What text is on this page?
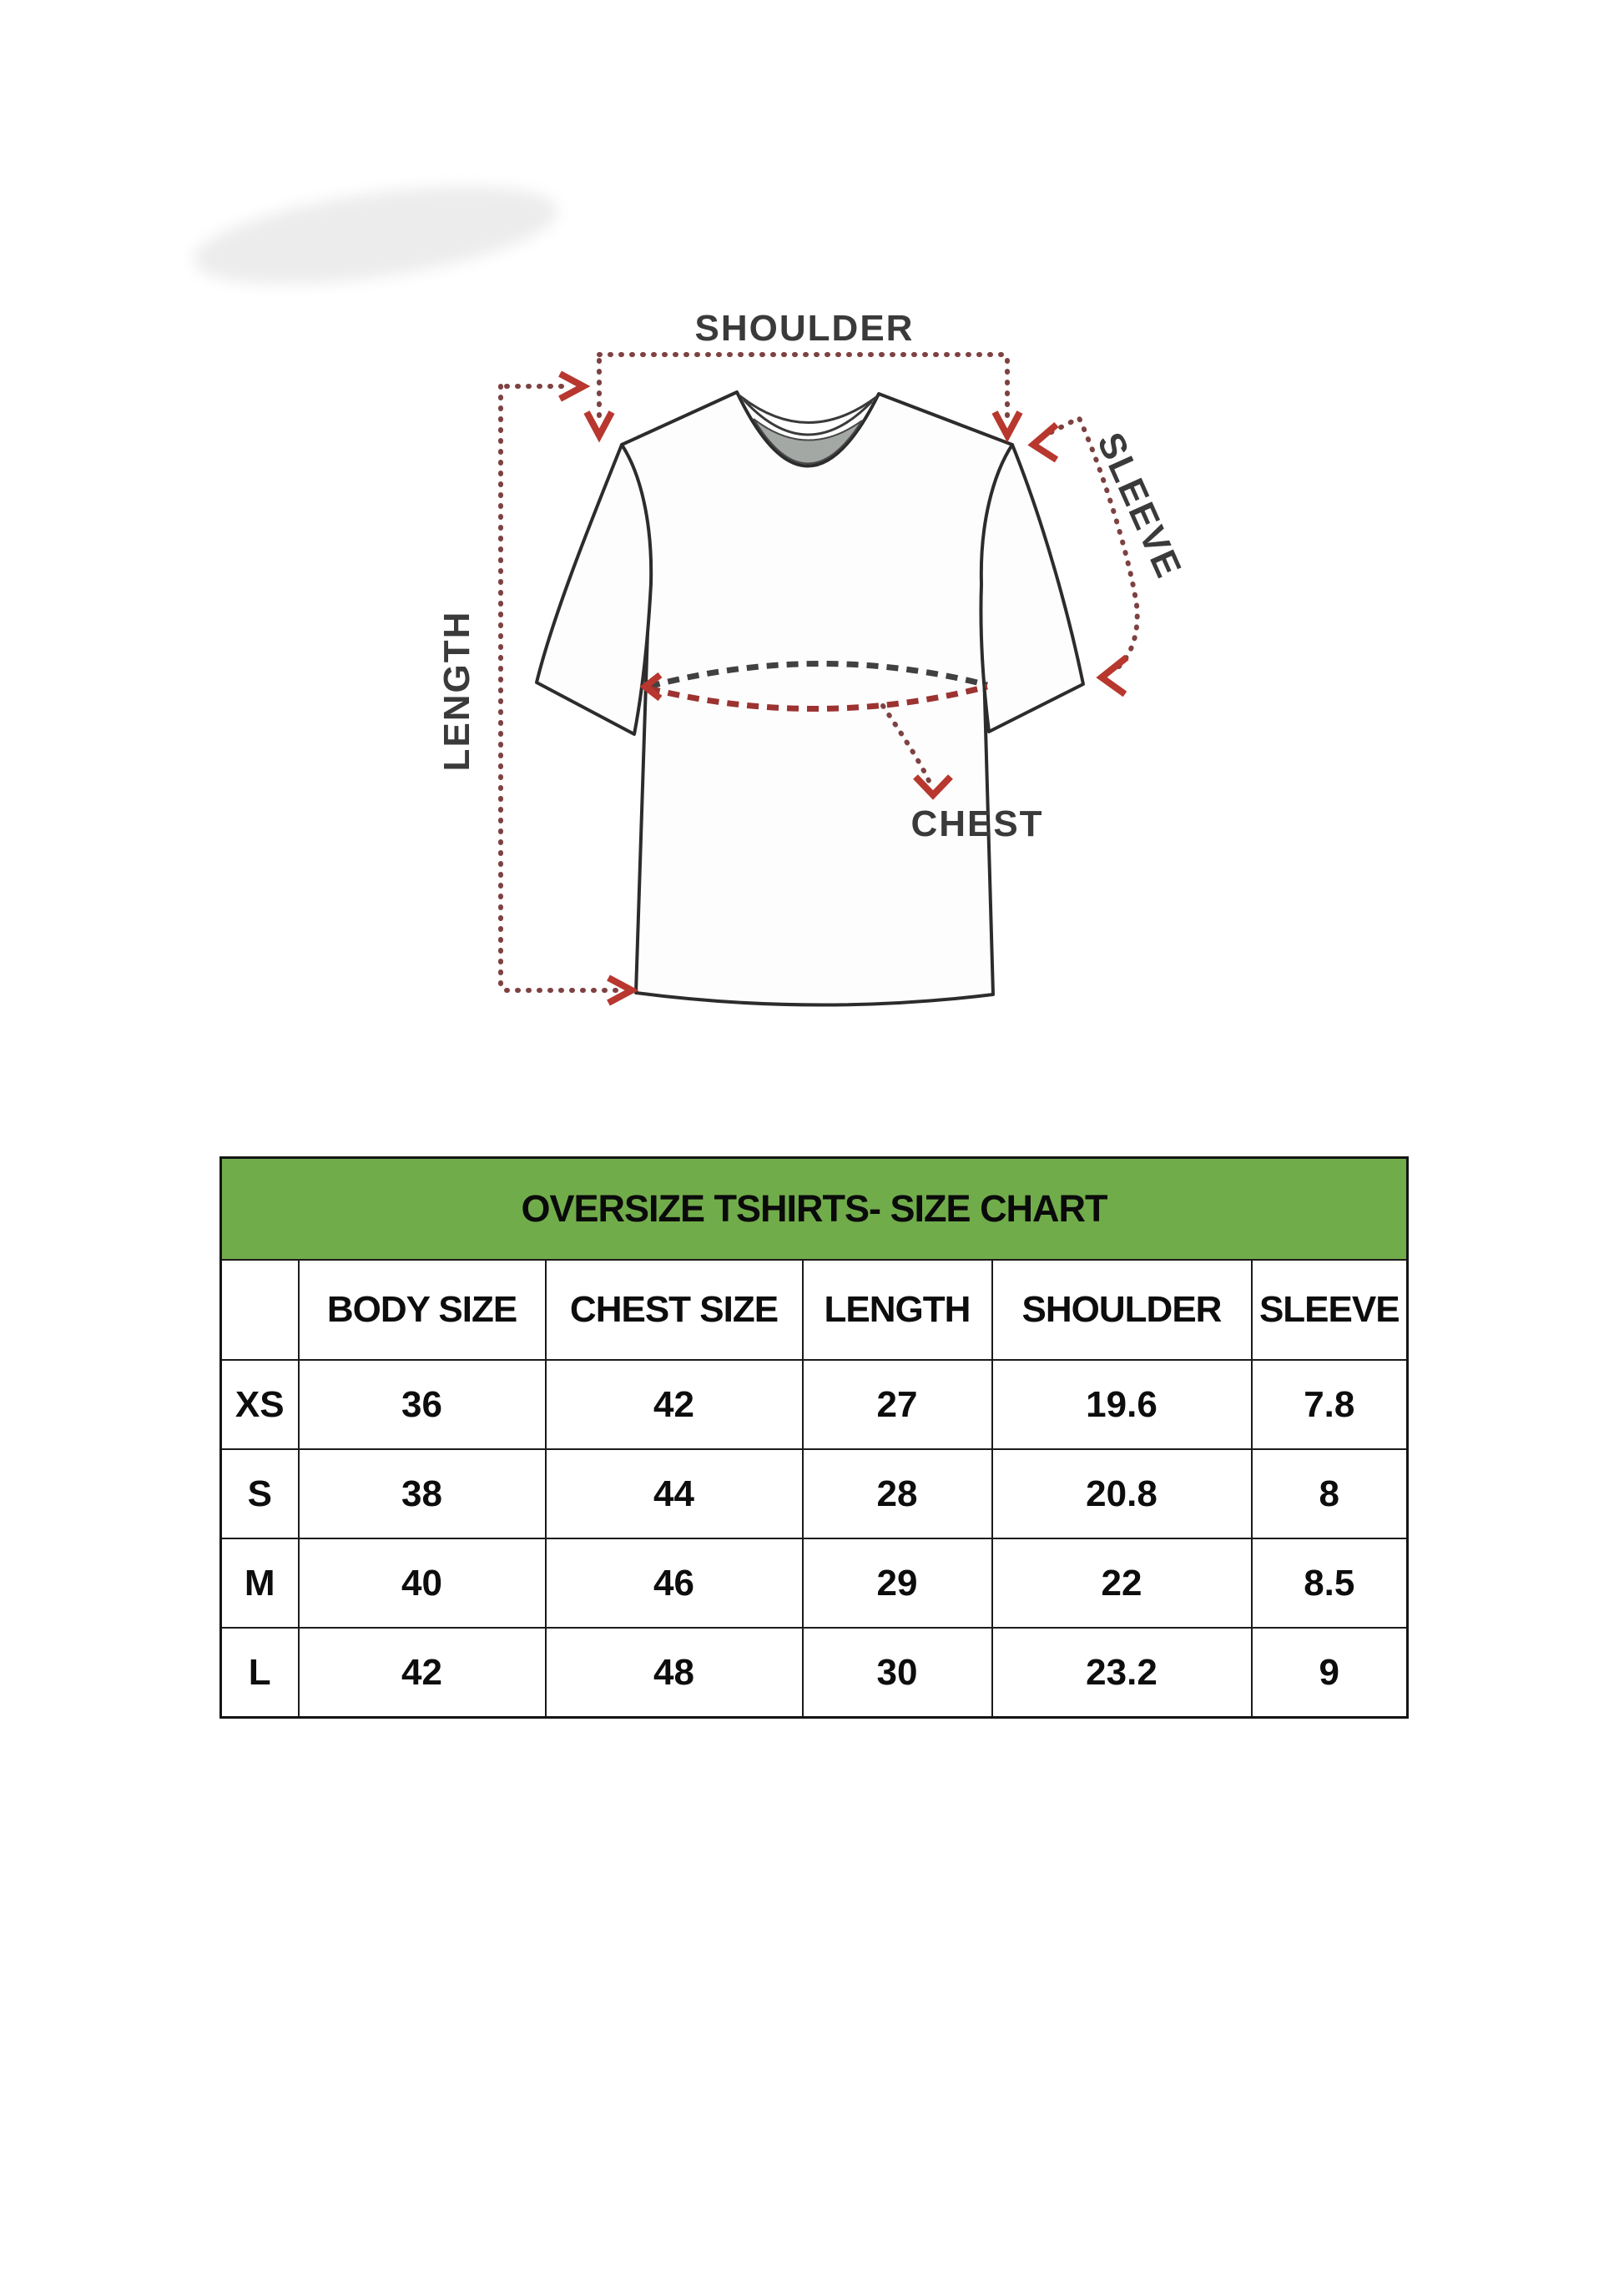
SHOULDER
LENGTH
SLEEVE
CHEST
OVERSIZE TSHIRTS- SIZE CHART					
	BODY SIZE	CHEST SIZE	LENGTH	SHOULDER	SLEEVE
XS	36	42	27	19.6	7.8
S	38	44	28	20.8	8
M	40	46	29	22	8.5
L	42	48	30	23.2	9
